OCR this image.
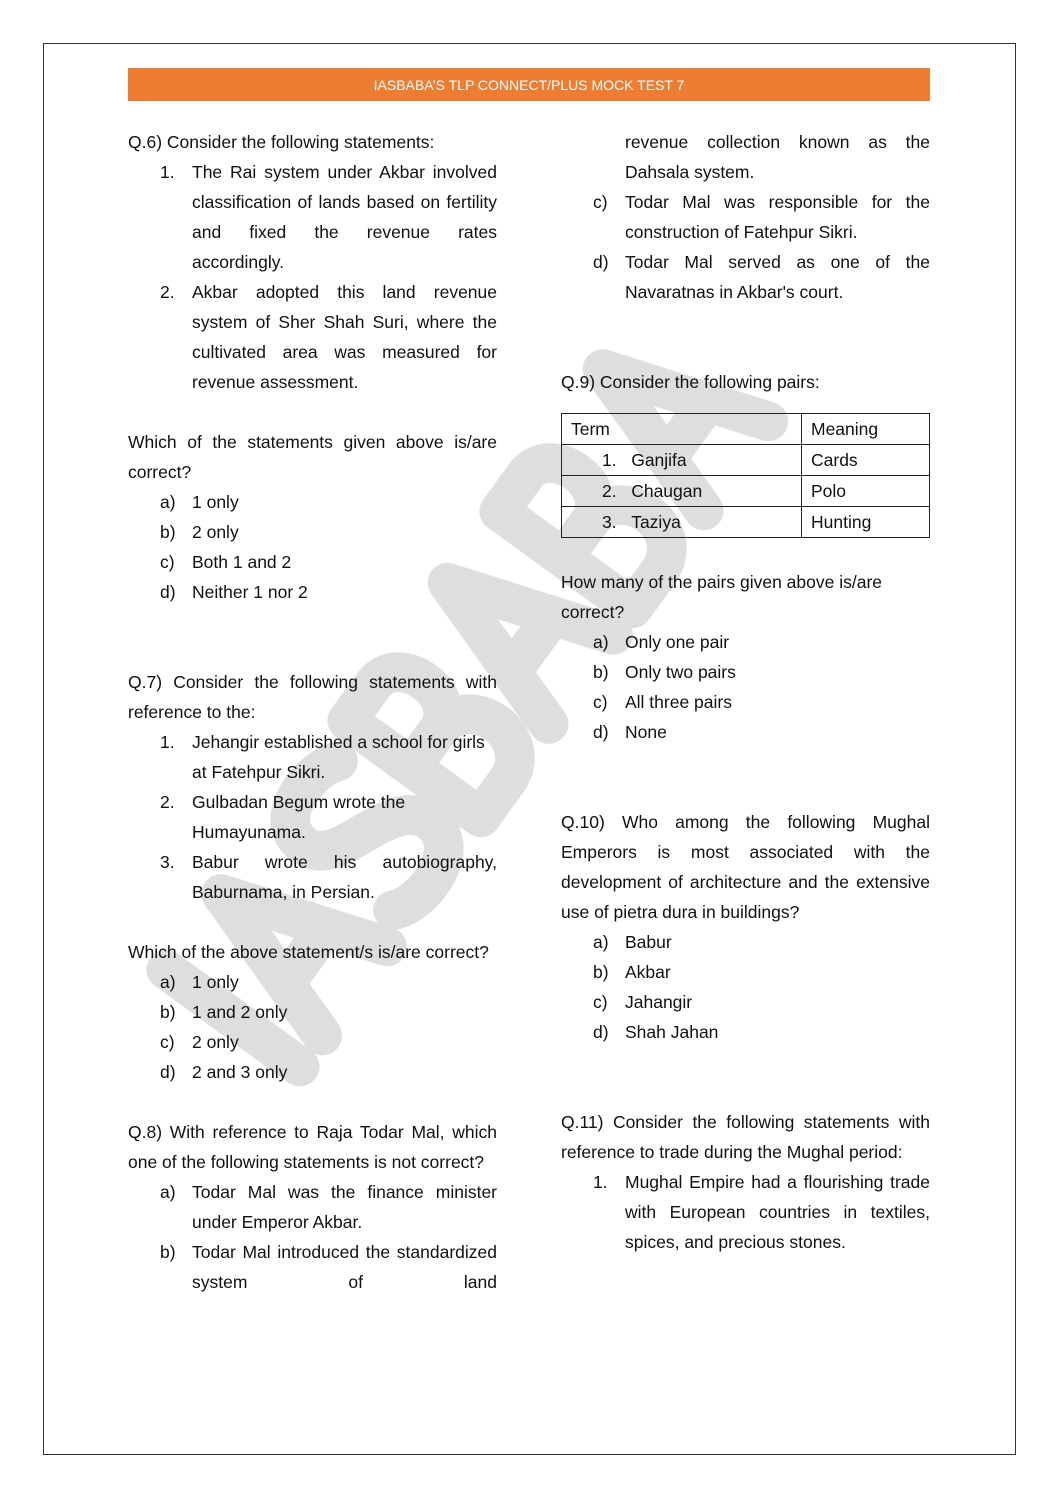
IASBABA’S TLP CONNECT/PLUS MOCK TEST 7

Q.6) Consider the following statements:

1. The Rai system under Akbar involved classification of lands based on fertility and fixed the revenue rates accordingly.
2. Akbar adopted this land revenue system of Sher Shah Suri, where the cultivated area was measured for revenue assessment.

Which of the statements given above is/are correct?

a) 1 only
b) 2 only
c) Both 1 and 2
d) Neither 1 nor 2

Q.7) Consider the following statements with reference to the:

1. Jehangir established a school for girls at Fatehpur Sikri.
2. Gulbadan Begum wrote the Humayunama.
3. Babur wrote his autobiography, Baburnama, in Persian.

Which of the above statement/s is/are correct?

a) 1 only
b) 1 and 2 only
c) 2 only
d) 2 and 3 only

Q.8) With reference to Raja Todar Mal, which one of the following statements is not correct?

a) Todar Mal was the finance minister under Emperor Akbar.
b) Todar Mal introduced the standardized system of land

revenue collection known as the Dahsala system.

c) Todar Mal was responsible for the construction of Fatehpur Sikri.
d) Todar Mal served as one of the Navaratnas in Akbar's court.

Q.9) Consider the following pairs:

Term	Meaning
1. Ganjifa	Cards
2. Chaugan	Polo
3. Taziya	Hunting

How many of the pairs given above is/are correct?

a) Only one pair
b) Only two pairs
c) All three pairs
d) None

Q.10) Who among the following Mughal Emperors is most associated with the development of architecture and the extensive use of pietra dura in buildings?

a) Babur
b) Akbar
c) Jahangir
d) Shah Jahan

Q.11) Consider the following statements with reference to trade during the Mughal period:

1. Mughal Empire had a flourishing trade with European countries in textiles, spices, and precious stones.
